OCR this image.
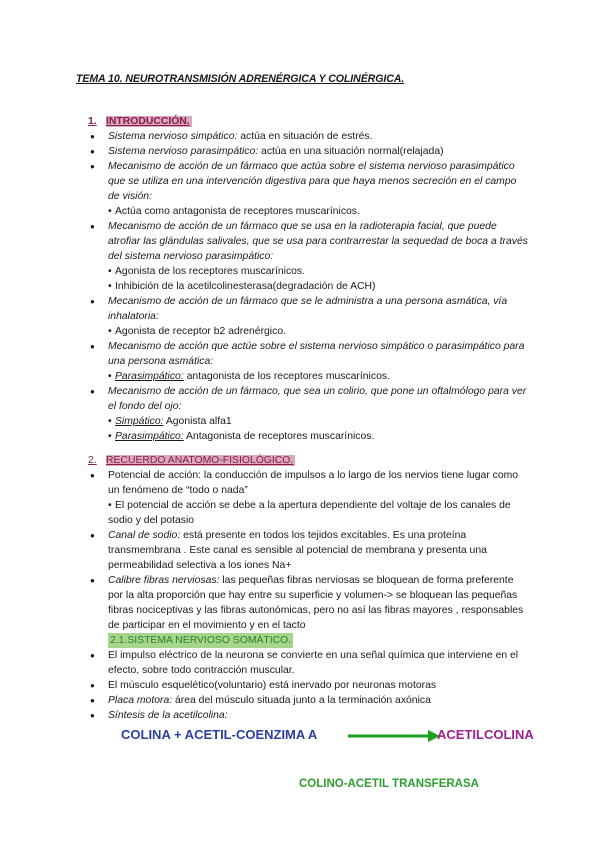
TEMA 10. NEUROTRANSMISIÓN ADRENÉRGICA Y COLINÉRGICA.
1. INTRODUCCIÓN.
● Sistema nervioso simpático: actúa en situación de estrés.
● Sistema nervioso parasimpático: actúa en una situación normal(relajada)
● Mecanismo de acción de un fármaco que actúa sobre el sistema nervioso parasimpático que se utiliza en una intervención digestiva para que haya menos secreción en el campo de visión:
• Actúa como antagonista de receptores muscarínicos.
● Mecanismo de acción de un fármaco que se usa en la radioterapia facial, que puede atrofiar las glándulas salivales, que se usa para contrarrestar la sequedad de boca a través del sistema nervioso parasimpático:
• Agonista de los receptores muscarínicos.
• Inhibición de la acetilcolinesterasa(degradación de ACH)
● Mecanismo de acción de un fármaco que se le administra a una persona asmática, vía inhalatoria:
• Agonista de receptor b2 adrenérgico.
● Mecanismo de acción que actúe sobre el sistema nervioso simpático o parasimpático para una persona asmática:
• Parasimpático: antagonista de los receptores muscarínicos.
● Mecanismo de acción de un fármaco, que sea un colirio, que pone un oftalmólogo para ver el fondo del ojo:
• Simpático: Agonista alfa1
• Parasimpático: Antagonista de receptores muscarínicos.
2. RECUERDO ANATOMO-FISIOLÓGICO.
● Potencial de acción: la conducción de impulsos a lo largo de los nervios tiene lugar como un fenómeno de “todo o nada”
• El potencial de acción se debe a la apertura dependiente del voltaje de los canales de sodio y del potasio
● Canal de sodio: está presente en todos los tejidos excitables. Es una proteína transmembrana . Este canal es sensible al potencial de membrana y presenta una permeabilidad selectiva a los iones Na+
● Calibre fibras nerviosas: las pequeñas fibras nerviosas se bloquean de forma preferente por la alta proporción que hay entre su superficie y volumen-> se bloquean las pequeñas fibras nociceptivas y las fibras autonómicas, pero no así las fibras mayores , responsables de participar en el movimiento y en el tacto
2.1.SISTEMA NERVIOSO SOMÁTICO.
● El impulso eléctrico de la neurona se convierte en una señal química que interviene en el efecto, sobre todo contracción muscular.
● El músculo esquelético(voluntario) está inervado por neuronas motoras
● Placa motora: área del músculo situada junto a la terminación axónica
● Síntesis de la acetilcolina:
COLINA + ACETIL-COENZIMA A	ACETILCOLINA
COLINO-ACETIL TRANSFERASA
